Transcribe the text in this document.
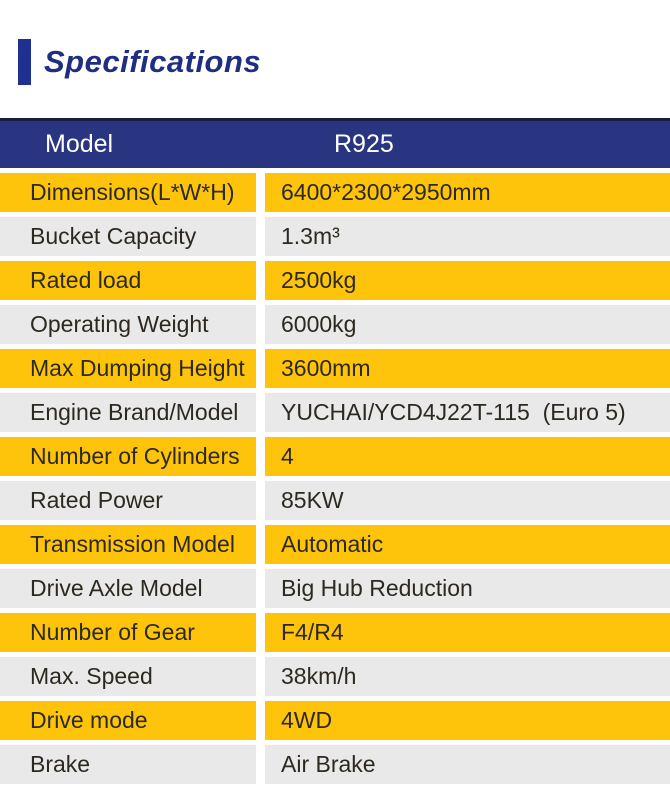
Specifications
Model	R925
Dimensions(L*W*H)	6400*2300*2950mm
Bucket Capacity	1.3m³
Rated load	2500kg
Operating Weight	6000kg
Max Dumping Height	3600mm
Engine Brand/Model	YUCHAI/YCD4J22T-115  (Euro 5)
Number of Cylinders	4
Rated Power	85KW
Transmission Model	Automatic
Drive Axle Model	Big Hub Reduction
Number of Gear	F4/R4
Max. Speed	38km/h
Drive mode	4WD
Brake	Air Brake
